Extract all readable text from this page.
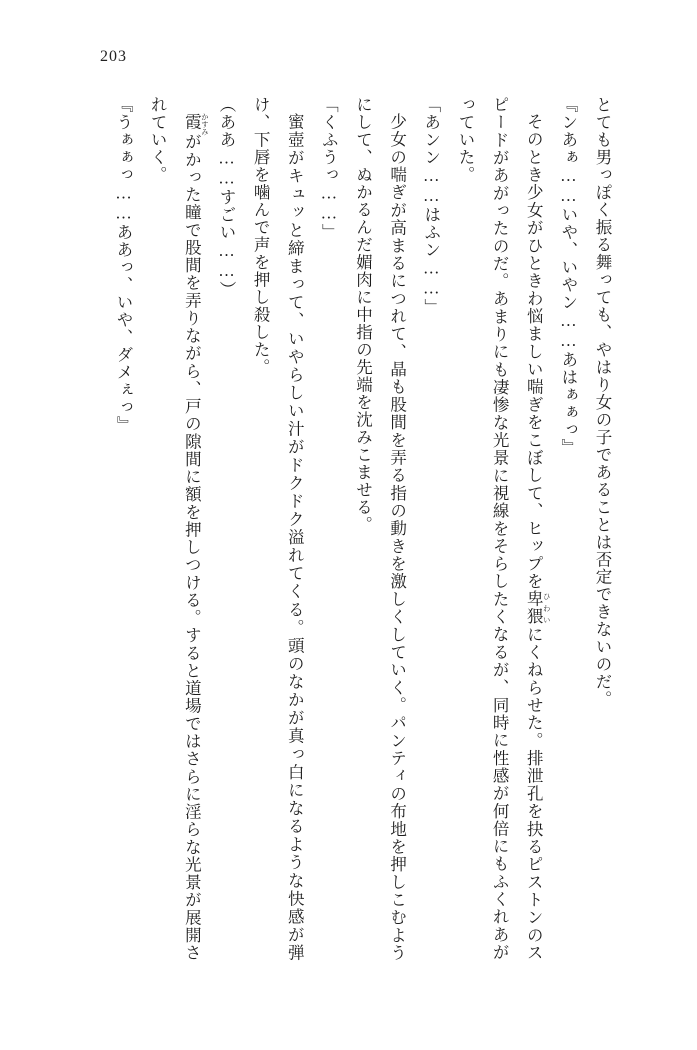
203

とても男っぽく振る舞っても、やはり女の子であることは否定できないのだ。

『ンあぁ……いや、いやン……あはぁぁっ』

そのとき少女がひときわ悩ましい喘ぎをこぼして、ヒップを卑猥 ひわいにくねらせた。排泄孔を抉るピストンのスピードがあがったのだ。あまりにも凄惨な光景に視線をそらしたくなるが、同時に性感が何倍にもふくれあがっていた。

「あンン……はふン……」

少女の喘ぎが高まるにつれて、晶も股間を弄る指の動きを激しくしていく。パンティの布地を押しこむようにして、ぬかるんだ媚肉に中指の先端を沈みこませる。

「くふうっ……」

蜜壺がキュッと締まって、いやらしい汁がドクドク溢れてくる。頭のなかが真っ白になるような快感が弾け、下唇を噛んで声を押し殺した。

（ああ……すごい……）

霞 かすみがかった瞳で股間を弄りながら、戸の隙間に額を押しつける。すると道場ではさらに淫らな光景が展開されていく。

『うぁぁっ……ああっ、いや、ダメぇっ』
